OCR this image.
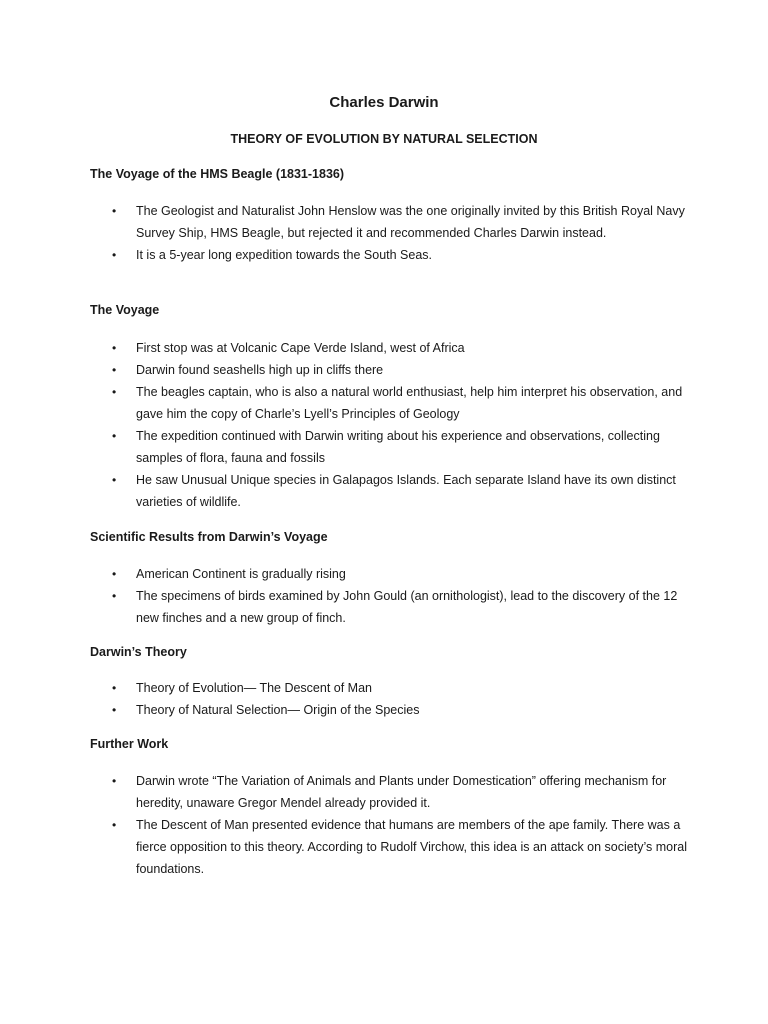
Charles Darwin
THEORY OF EVOLUTION BY NATURAL SELECTION
The Voyage of the HMS Beagle (1831-1836)
• The Geologist and Naturalist John Henslow was the one originally invited by this British Royal Navy Survey Ship, HMS Beagle, but rejected it and recommended Charles Darwin instead.
• It is a 5-year long expedition towards the South Seas.
The Voyage
• First stop was at Volcanic Cape Verde Island, west of Africa
• Darwin found seashells high up in cliffs there
• The beagles captain, who is also a natural world enthusiast, help him interpret his observation, and gave him the copy of Charle’s Lyell’s Principles of Geology
• The expedition continued with Darwin writing about his experience and observations, collecting samples of flora, fauna and fossils
• He saw Unusual Unique species in Galapagos Islands. Each separate Island have its own distinct varieties of wildlife.
Scientific Results from Darwin’s Voyage
• American Continent is gradually rising
• The specimens of birds examined by John Gould (an ornithologist), lead to the discovery of the 12 new finches and a new group of finch.
Darwin’s Theory
• Theory of Evolution— The Descent of Man
• Theory of Natural Selection— Origin of the Species
Further Work
• Darwin wrote “The Variation of Animals and Plants under Domestication” offering mechanism for heredity, unaware Gregor Mendel already provided it.
• The Descent of Man presented evidence that humans are members of the ape family. There was a fierce opposition to this theory. According to Rudolf Virchow, this idea is an attack on society’s moral foundations.
